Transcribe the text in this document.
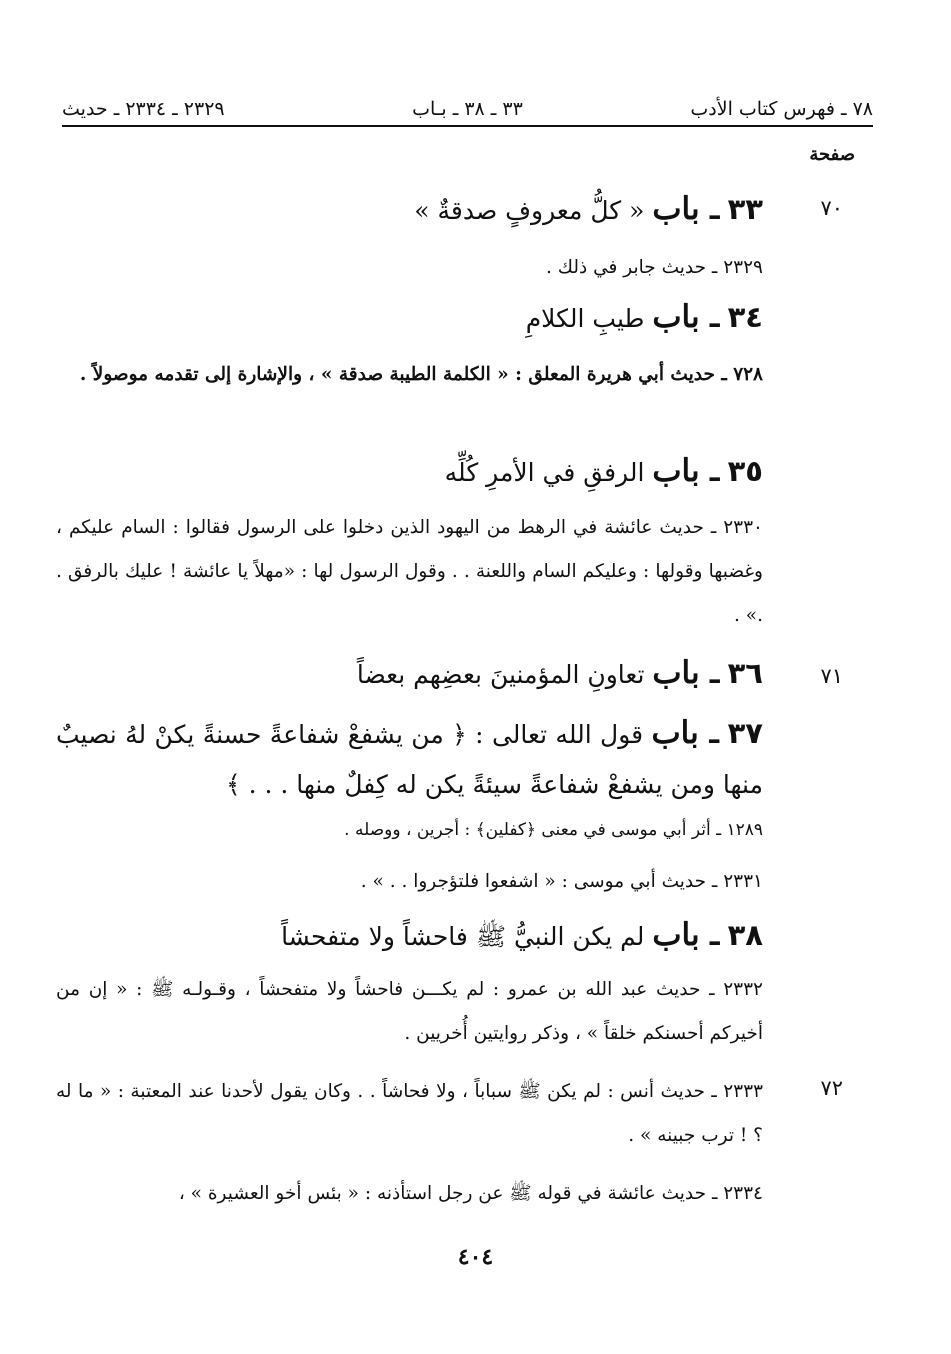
٧٨ ـ فهرس كتاب الأدب
٣٣ ـ ٣٨ ـ بـاب
٢٣٢٩ ـ ٢٣٣٤ ـ حديث
صفحة
٧٠
٧١
٧٢
٣٣ ـ باب « كلُّ معروفٍ صدقةٌ »
٢٣٢٩ ـ حديث جابر في ذلك .
٣٤ ـ باب طيبِ الكلامِ
٧٢٨ ـ حديث أبي هريرة المعلق : « الكلمة الطيبة صدقة » ، والإشارة إلى تقدمه موصولاً .
٣٥ ـ باب الرفقِ في الأمرِ كُلِّه
٢٣٣٠ ـ حديث عائشة في الرهط من اليهود الذين دخلوا على الرسول فقالوا : السام عليكم ، وغضبها وقولها : وعليكم السام واللعنة . . وقول الرسول لها : «مهلاً يا عائشة ! عليك بالرفق . .» .
٣٦ ـ باب تعاونِ المؤمنينَ بعضِهم بعضاً
٣٧ ـ باب قول الله تعالى : ﴿ من يشفعْ شفاعةً حسنةً يكنْ لهُ نصيبٌ منها ومن يشفعْ شفاعةً سيئةً يكن له كِفلٌ منها . . . ﴾
١٢٨٩ ـ أثر أبي موسى في معنى ﴿كفلين﴾ : أجرين ، ووصله .
٢٣٣١ ـ حديث أبي موسى : « اشفعوا فلتؤجروا . . » .
٣٨ ـ باب لم يكن النبيُّ ﷺ فاحشاً ولا متفحشاً
٢٣٣٢ ـ حديث عبد الله بن عمرو : لم يكـــن فاحشاً ولا متفحشاً ، وقـولـه ﷺ : « إن من أخيركم أحسنكم خلقاً » ، وذكر روايتين أُخريين .
٢٣٣٣ ـ حديث أنس : لم يكن ﷺ سباباً ، ولا فحاشاً . . وكان يقول لأحدنا عند المعتبة : « ما له ؟ ! ترب جبينه » .
٢٣٣٤ ـ حديث عائشة في قوله ﷺ عن رجل استأذنه : « بئس أخو العشيرة » ،
٤٠٤
